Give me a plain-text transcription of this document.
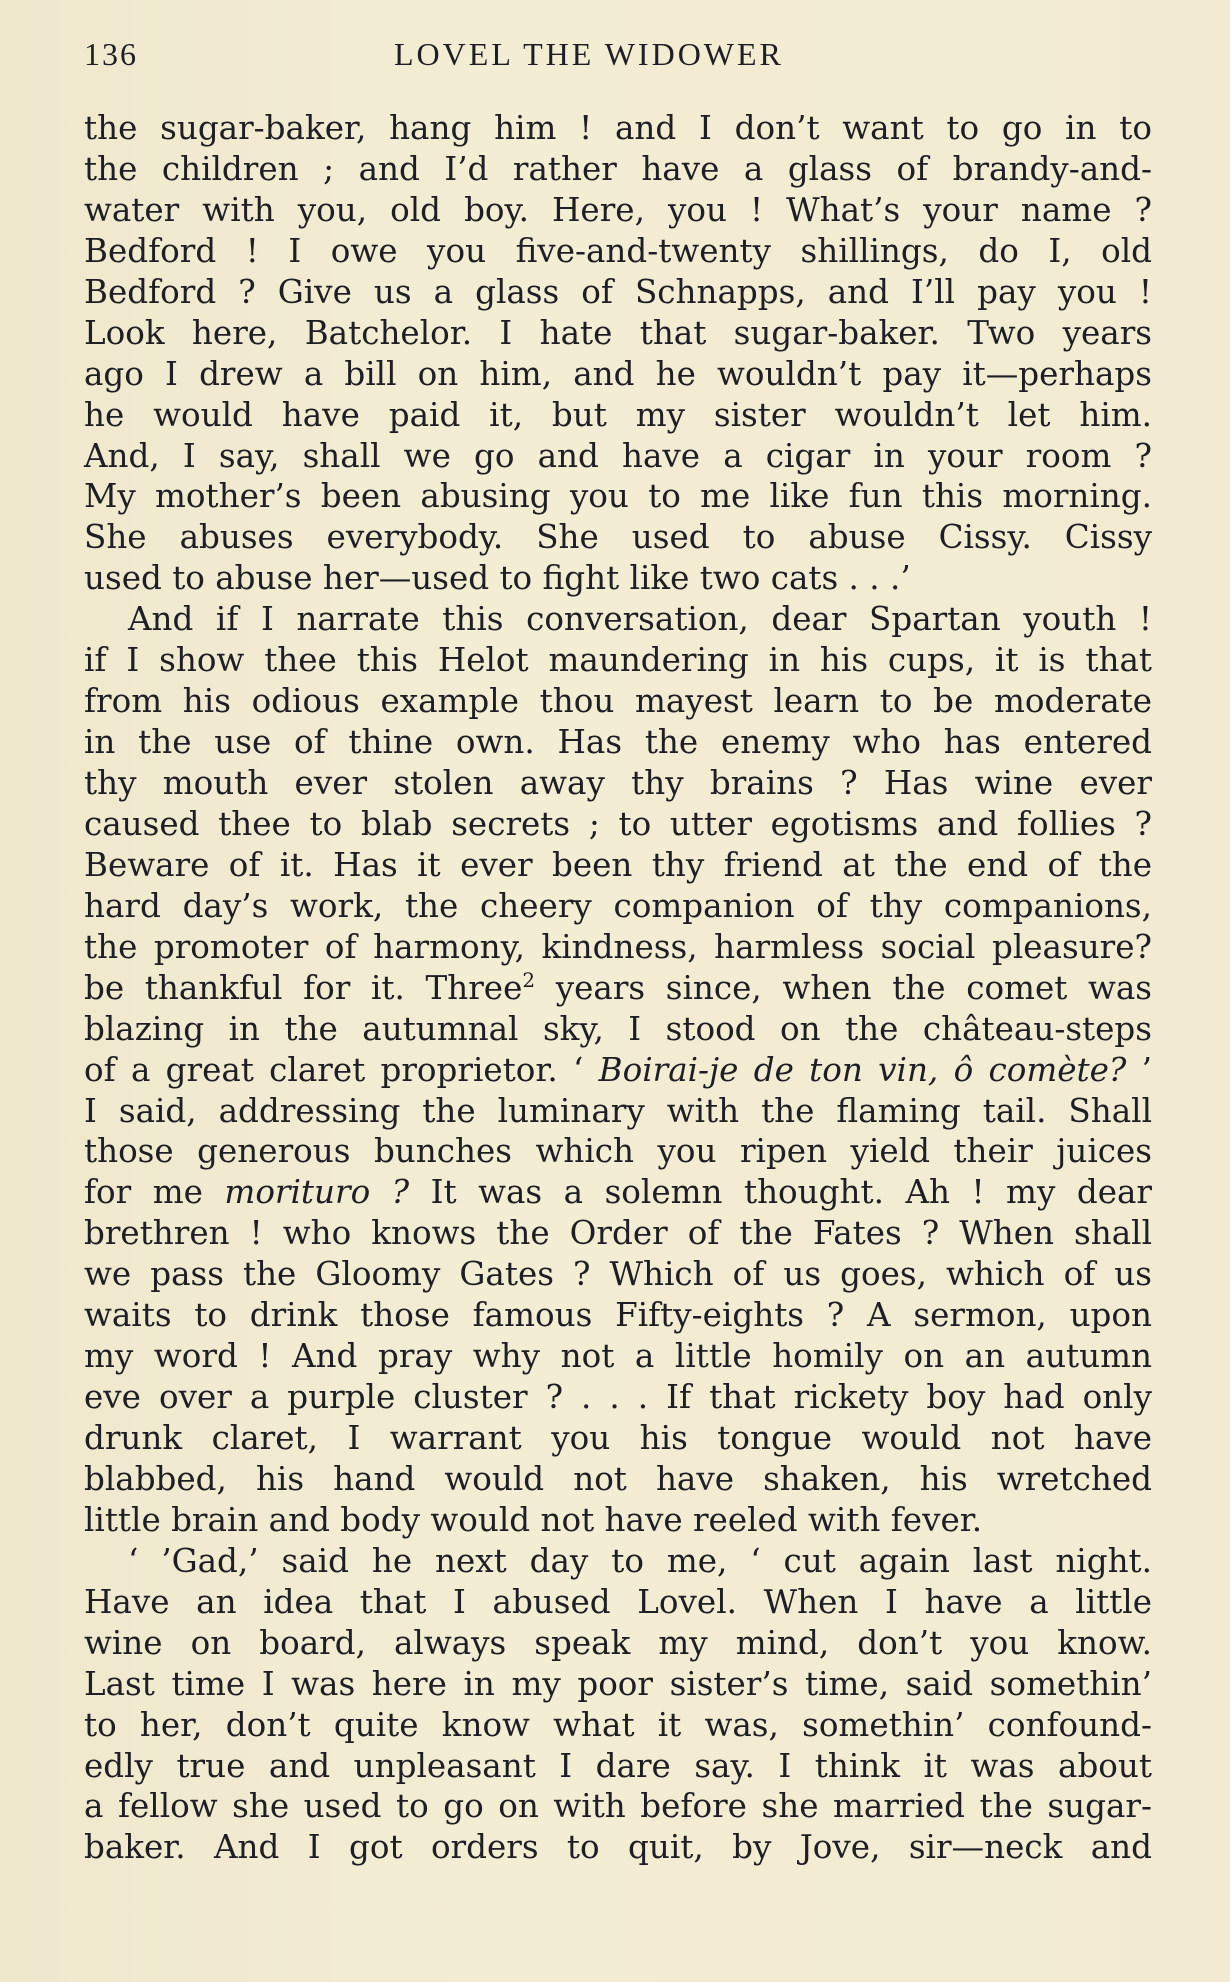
136	LOVEL THE WIDOWER
the sugar-baker, hang him ! and I don’t want to go in to
the children ; and I’d rather have a glass of brandy-and-
water with you, old boy. Here, you ! What’s your name ?
Bedford ! I owe you five-and-twenty shillings, do I, old
Bedford ? Give us a glass of Schnapps, and I’ll pay you !
Look here, Batchelor. I hate that sugar-baker. Two years
ago I drew a bill on him, and he wouldn’t pay it—perhaps
he would have paid it, but my sister wouldn’t let him.
And, I say, shall we go and have a cigar in your room ?
My mother’s been abusing you to me like fun this morning.
She abuses everybody. She used to abuse Cissy. Cissy
used to abuse her—used to fight like two cats . . .’
And if I narrate this conversation, dear Spartan youth !
if I show thee this Helot maundering in his cups, it is that
from his odious example thou mayest learn to be moderate
in the use of thine own. Has the enemy who has entered
thy mouth ever stolen away thy brains ? Has wine ever
caused thee to blab secrets ; to utter egotisms and follies ?
Beware of it. Has it ever been thy friend at the end of the
hard day’s work, the cheery companion of thy companions,
the promoter of harmony, kindness, harmless social pleasure?
be thankful for it. Three$^2$ years since, when the comet was
blazing in the autumnal sky, I stood on the château-steps
of a great claret proprietor. ‘ Boirai-je de ton vin, ô comète? ’
I said, addressing the luminary with the flaming tail. Shall
those generous bunches which you ripen yield their juices
for me morituro ? It was a solemn thought. Ah ! my dear
brethren ! who knows the Order of the Fates ? When shall
we pass the Gloomy Gates ? Which of us goes, which of us
waits to drink those famous Fifty-eights ? A sermon, upon
my word ! And pray why not a little homily on an autumn
eve over a purple cluster ? . . . If that rickety boy had only
drunk claret, I warrant you his tongue would not have
blabbed, his hand would not have shaken, his wretched
little brain and body would not have reeled with fever.
‘ ’Gad,’ said he next day to me, ‘ cut again last night.
Have an idea that I abused Lovel. When I have a little
wine on board, always speak my mind, don’t you know.
Last time I was here in my poor sister’s time, said somethin’
to her, don’t quite know what it was, somethin’ confound-
edly true and unpleasant I dare say. I think it was about
a fellow she used to go on with before she married the sugar-
baker. And I got orders to quit, by Jove, sir—neck and
